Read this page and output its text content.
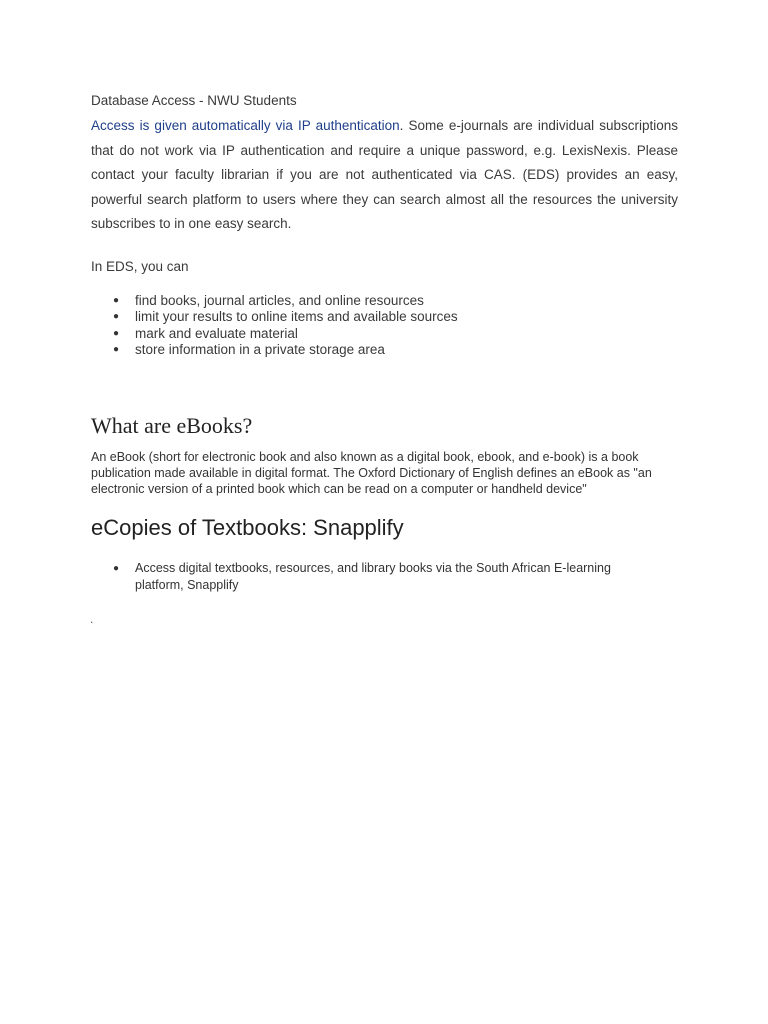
Database Access - NWU Students
Access is given automatically via IP authentication. Some e-journals are individual subscriptions that do not work via IP authentication and require a unique password, e.g. LexisNexis. Please contact your faculty librarian if you are not authenticated via CAS. (EDS) provides an easy, powerful search platform to users where they can search almost all the resources the university subscribes to in one easy search.
In EDS, you can
● find books, journal articles, and online resources
● limit your results to online items and available sources
● mark and evaluate material
● store information in a private storage area
What are eBooks?
An eBook (short for electronic book and also known as a digital book, ebook, and e-book) is a book publication made available in digital format. The Oxford Dictionary of English defines an eBook as "an electronic version of a printed book which can be read on a computer or handheld device"
eCopies of Textbooks: Snapplify
● Access digital textbooks, resources, and library books via the South African E-learning platform, Snapplify
.
